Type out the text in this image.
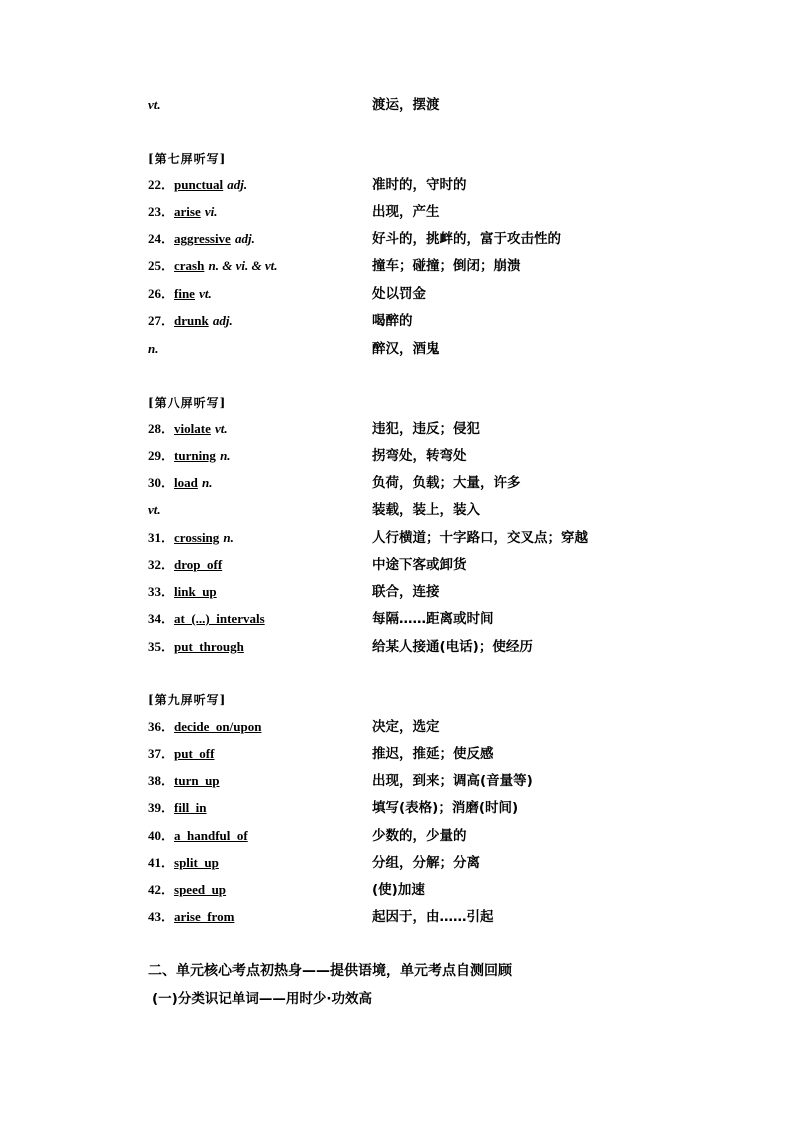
vt.	渡运，摆渡
[第七屏听写]
22．punctual adj.	准时的，守时的
23．arise vi.	出现，产生
24．aggressive adj.	好斗的，挑衅的，富于攻击性的
25．crash n. & vi. & vt.	撞车；碰撞；倒闭；崩溃
26．fine vt.	处以罚金
27．drunk adj.	喝醉的
n.	醉汉，酒鬼
[第八屏听写]
28．violate vt.	违犯，违反；侵犯
29．turning n.	拐弯处，转弯处
30．load n.	负荷，负载；大量，许多
vt.	装载，装上，装入
31．crossing n.	人行横道；十字路口，交叉点；穿越
32．drop  off	中途下客或卸货
33．link  up	联合，连接
34．at  (...)  intervals	每隔……距离或时间
35．put  through	给某人接通(电话)；使经历
[第九屏听写]
36．decide  on/upon	决定，选定
37．put  off	推迟，推延；使反感
38．turn  up	出现，到来；调高(音量等)
39．fill  in	填写(表格)；消磨(时间)
40．a  handful  of	少数的，少量的
41．split  up	分组，分解；分离
42．speed  up	(使)加速
43．arise  from	起因于，由……引起
二、单元核心考点初热身——提供语境，单元考点自测回顾
(一)分类识记单词——用时少·功效高
